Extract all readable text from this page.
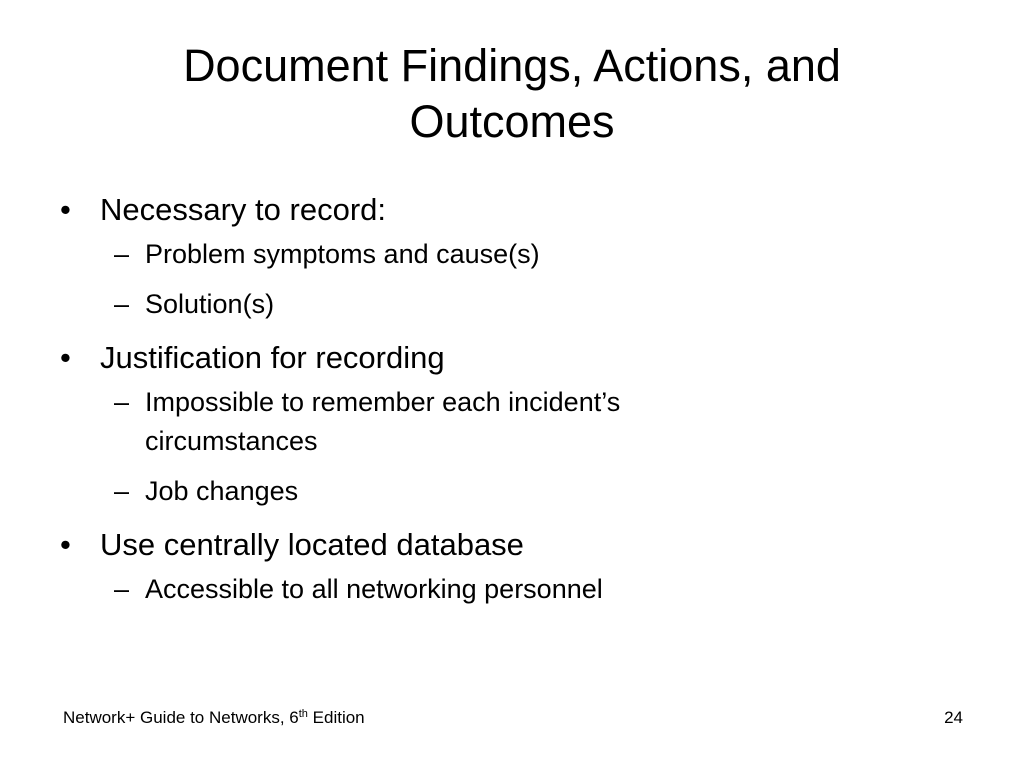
Document Findings, Actions, and
Outcomes
• Necessary to record:
– Problem symptoms and cause(s)
– Solution(s)
• Justification for recording
– Impossible to remember each incident’s circumstances
– Job changes
• Use centrally located database
– Accessible to all networking personnel
Network+ Guide to Networks, 6th Edition	24
